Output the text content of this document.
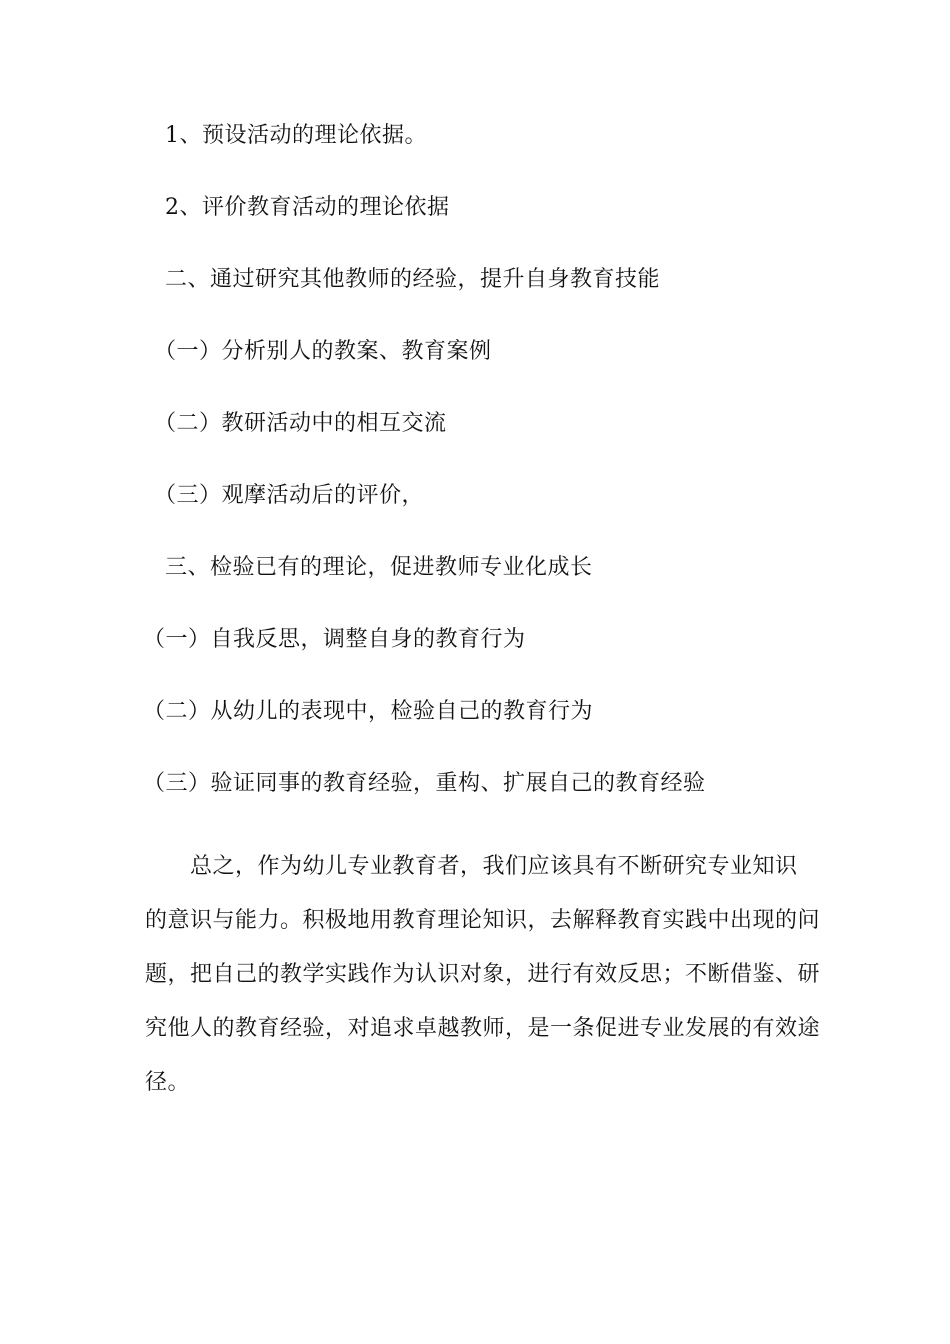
1、预设活动的理论依据。
2、评价教育活动的理论依据
二、通过研究其他教师的经验，提升自身教育技能
（一）分析别人的教案、教育案例
（二）教研活动中的相互交流
（三）观摩活动后的评价，
三、检验已有的理论，促进教师专业化成长
（一）自我反思，调整自身的教育行为
（二）从幼儿的表现中，检验自己的教育行为
（三）验证同事的教育经验，重构、扩展自己的教育经验
　　总之，作为幼儿专业教育者，我们应该具有不断研究专业知识
的意识与能力。积极地用教育理论知识，去解释教育实践中出现的问
题，把自己的教学实践作为认识对象，进行有效反思；不断借鉴、研
究他人的教育经验，对追求卓越教师，是一条促进专业发展的有效途
径。
